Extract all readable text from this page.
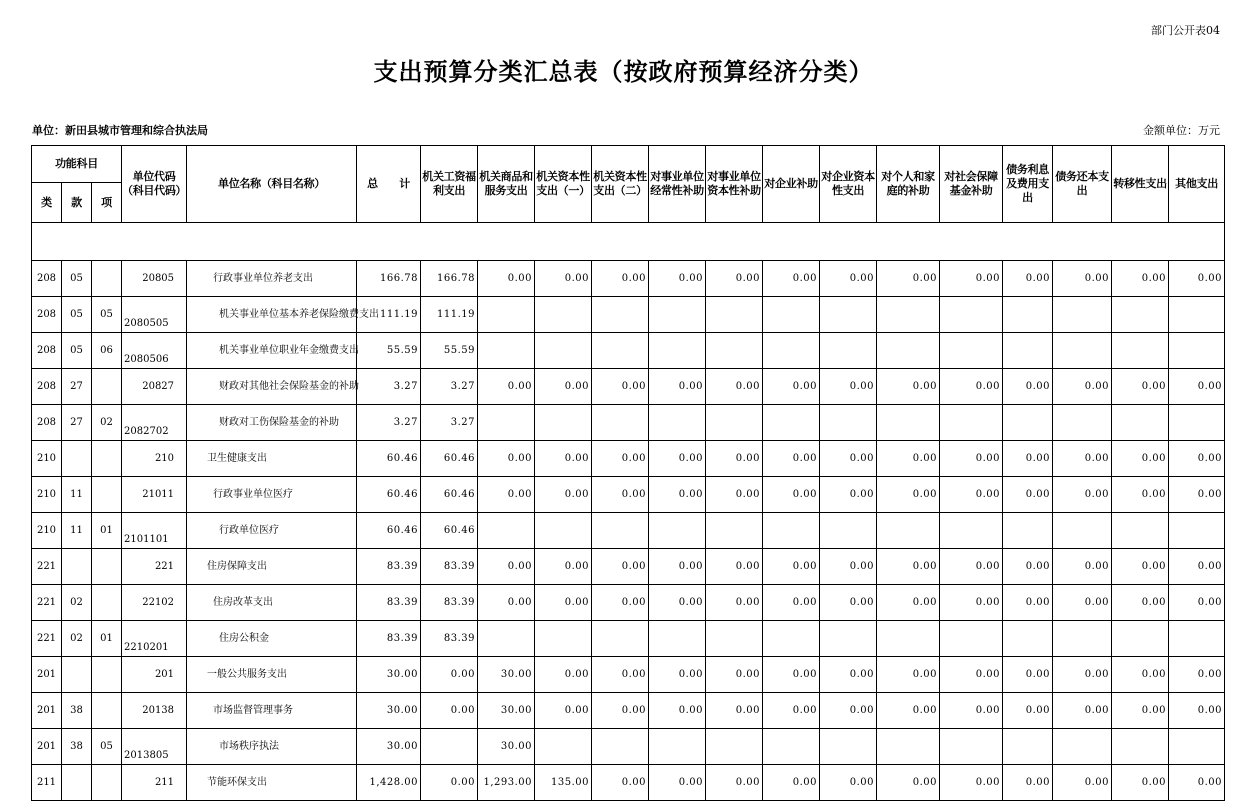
部门公开表04
支出预算分类汇总表（按政府预算经济分类）
单位：新田县城市管理和综合执法局	金额单位：万元
功能科目			单位代码（科目代码）	单位名称（科目名称）	总　　计	机关工资福利支出	机关商品和服务支出	机关资本性支出（一）	机关资本性支出（二）	对事业单位经常性补助	对事业单位资本性补助	对企业补助	对企业资本性支出	对个人和家庭的补助	对社会保障基金补助	债务利息及费用支出	债务还本支出	转移性支出	其他支出
类	款	项																	

208	05		20805	行政事业单位养老支出	166.78	166.78	0.00	0.00	0.00	0.00	0.00	0.00	0.00	0.00	0.00	0.00	0.00	0.00	0.00
208	05	05	2080505	机关事业单位基本养老保险缴费支出	111.19	111.19													
208	05	06	2080506	机关事业单位职业年金缴费支出	55.59	55.59													
208	27		20827	财政对其他社会保险基金的补助	3.27	3.27	0.00	0.00	0.00	0.00	0.00	0.00	0.00	0.00	0.00	0.00	0.00	0.00	0.00
208	27	02	2082702	财政对工伤保险基金的补助	3.27	3.27													
210			210	卫生健康支出	60.46	60.46	0.00	0.00	0.00	0.00	0.00	0.00	0.00	0.00	0.00	0.00	0.00	0.00	0.00
210	11		21011	行政事业单位医疗	60.46	60.46	0.00	0.00	0.00	0.00	0.00	0.00	0.00	0.00	0.00	0.00	0.00	0.00	0.00
210	11	01	2101101	行政单位医疗	60.46	60.46													
221			221	住房保障支出	83.39	83.39	0.00	0.00	0.00	0.00	0.00	0.00	0.00	0.00	0.00	0.00	0.00	0.00	0.00
221	02		22102	住房改革支出	83.39	83.39	0.00	0.00	0.00	0.00	0.00	0.00	0.00	0.00	0.00	0.00	0.00	0.00	0.00
221	02	01	2210201	住房公积金	83.39	83.39													
201			201	一般公共服务支出	30.00	0.00	30.00	0.00	0.00	0.00	0.00	0.00	0.00	0.00	0.00	0.00	0.00	0.00	0.00
201	38		20138	市场监督管理事务	30.00	0.00	30.00	0.00	0.00	0.00	0.00	0.00	0.00	0.00	0.00	0.00	0.00	0.00	0.00
201	38	05	2013805	市场秩序执法	30.00		30.00												
211			211	节能环保支出	1,428.00	0.00	1,293.00	135.00	0.00	0.00	0.00	0.00	0.00	0.00	0.00	0.00	0.00	0.00	0.00
